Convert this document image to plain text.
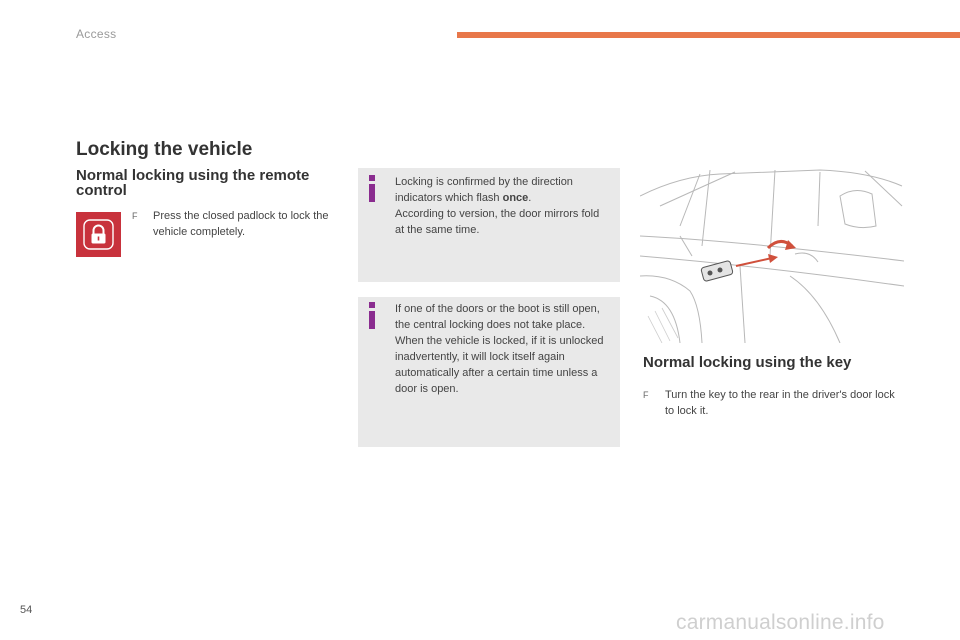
Access
Locking the vehicle
Normal locking using the remote control
F Press the closed padlock to lock the vehicle completely.
Locking is confirmed by the direction indicators which flash once.
According to version, the door mirrors fold at the same time.
If one of the doors or the boot is still open, the central locking does not take place.
When the vehicle is locked, if it is unlocked inadvertently, it will lock itself again automatically after a certain time unless a door is open.
Normal locking using the key
F Turn the key to the rear in the driver's door lock to lock it.
54
carmanualsonline.info
